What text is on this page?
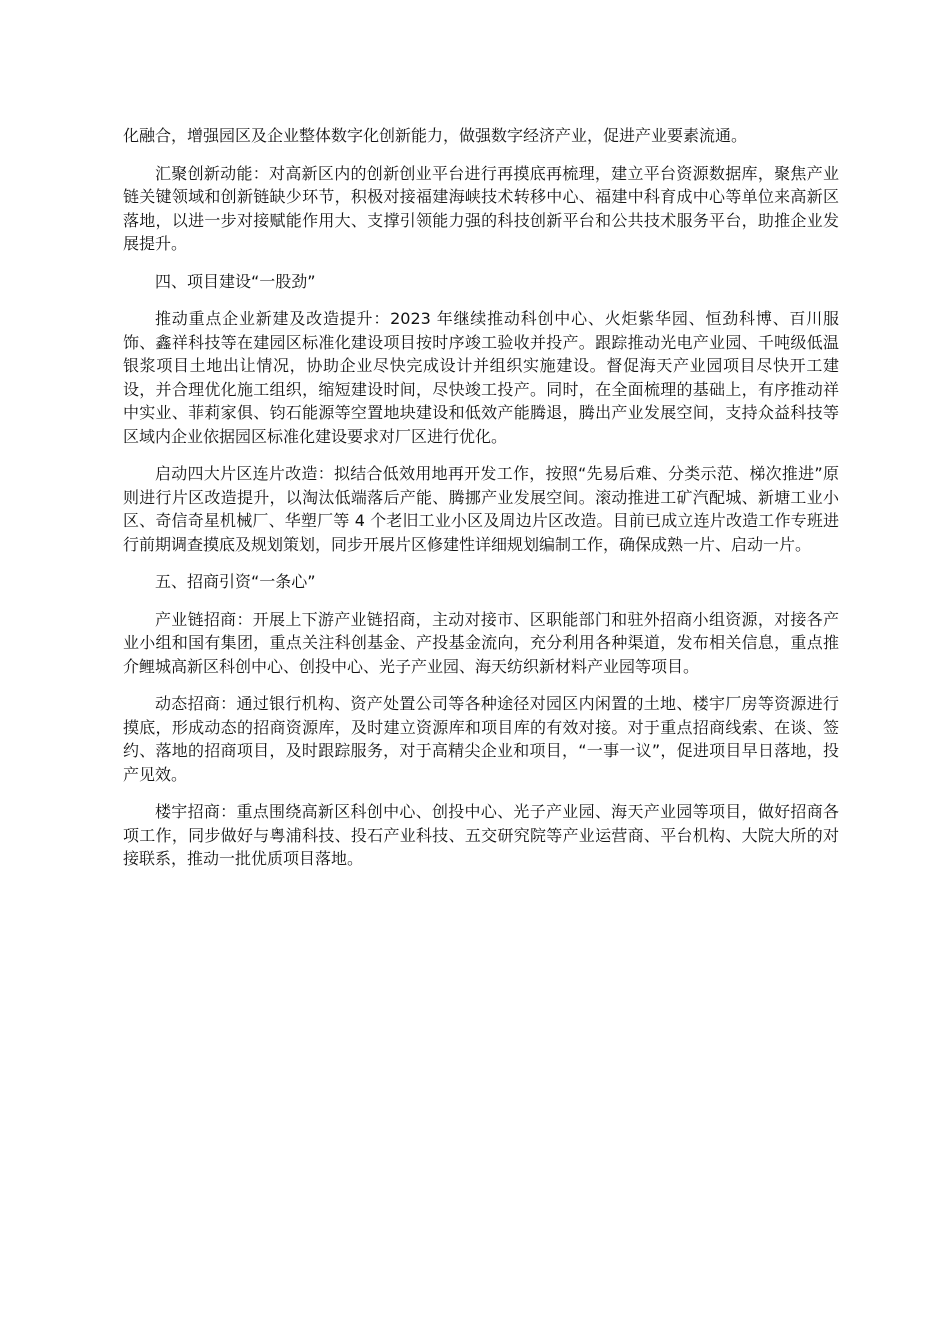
化融合，增强园区及企业整体数字化创新能力，做强数字经济产业，促进产业要素流通。

汇聚创新动能：对高新区内的创新创业平台进行再摸底再梳理，建立平台资源数据库，聚焦产业链关键领域和创新链缺少环节，积极对接福建海峡技术转移中心、福建中科育成中心等单位来高新区落地，以进一步对接赋能作用大、支撑引领能力强的科技创新平台和公共技术服务平台，助推企业发展提升。

四、项目建设“一股劲”

推动重点企业新建及改造提升：2023 年继续推动科创中心、火炬紫华园、恒劲科博、百川服饰、鑫祥科技等在建园区标准化建设项目按时序竣工验收并投产。跟踪推动光电产业园、千吨级低温银浆项目土地出让情况，协助企业尽快完成设计并组织实施建设。督促海天产业园项目尽快开工建设，并合理优化施工组织，缩短建设时间，尽快竣工投产。同时，在全面梳理的基础上，有序推动祥中实业、菲莉家俱、钧石能源等空置地块建设和低效产能腾退，腾出产业发展空间，支持众益科技等区域内企业依据园区标准化建设要求对厂区进行优化。

启动四大片区连片改造：拟结合低效用地再开发工作，按照“先易后难、分类示范、梯次推进”原则进行片区改造提升，以淘汰低端落后产能、腾挪产业发展空间。滚动推进工矿汽配城、新塘工业小区、奇信奇星机械厂、华塑厂等 4 个老旧工业小区及周边片区改造。目前已成立连片改造工作专班进行前期调查摸底及规划策划，同步开展片区修建性详细规划编制工作，确保成熟一片、启动一片。

五、招商引资“一条心”

产业链招商：开展上下游产业链招商，主动对接市、区职能部门和驻外招商小组资源，对接各产业小组和国有集团，重点关注科创基金、产投基金流向，充分利用各种渠道，发布相关信息，重点推介鲤城高新区科创中心、创投中心、光子产业园、海天纺织新材料产业园等项目。

动态招商：通过银行机构、资产处置公司等各种途径对园区内闲置的土地、楼宇厂房等资源进行摸底，形成动态的招商资源库，及时建立资源库和项目库的有效对接。对于重点招商线索、在谈、签约、落地的招商项目，及时跟踪服务，对于高精尖企业和项目，“一事一议”，促进项目早日落地，投产见效。

楼宇招商：重点围绕高新区科创中心、创投中心、光子产业园、海天产业园等项目，做好招商各项工作，同步做好与粤浦科技、投石产业科技、五交研究院等产业运营商、平台机构、大院大所的对接联系，推动一批优质项目落地。
